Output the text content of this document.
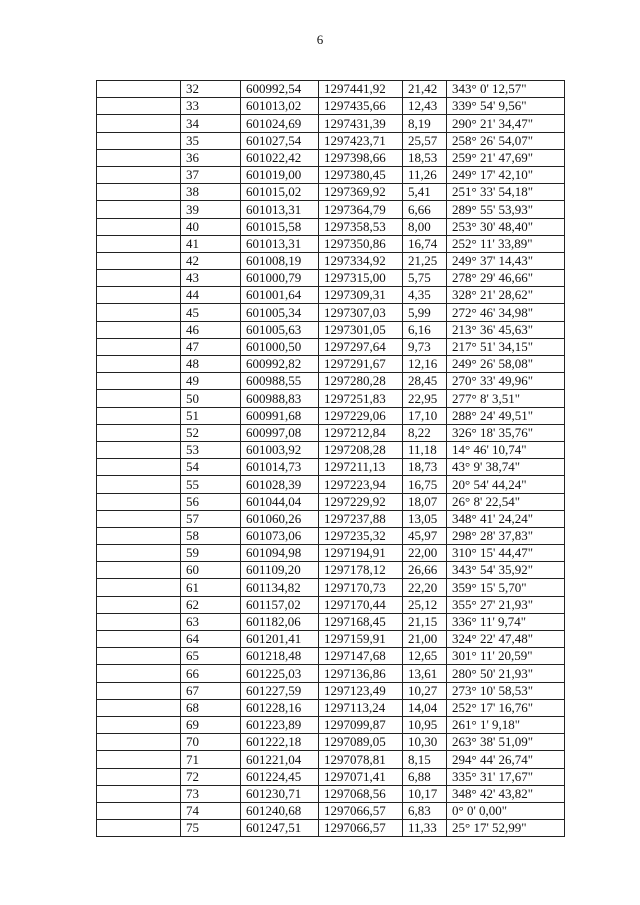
6
	32	600992,54	1297441,92	21,42	343° 0' 12,57"
	33	601013,02	1297435,66	12,43	339° 54' 9,56"
	34	601024,69	1297431,39	8,19	290° 21' 34,47"
	35	601027,54	1297423,71	25,57	258° 26' 54,07"
	36	601022,42	1297398,66	18,53	259° 21' 47,69"
	37	601019,00	1297380,45	11,26	249° 17' 42,10"
	38	601015,02	1297369,92	5,41	251° 33' 54,18"
	39	601013,31	1297364,79	6,66	289° 55' 53,93"
	40	601015,58	1297358,53	8,00	253° 30' 48,40"
	41	601013,31	1297350,86	16,74	252° 11' 33,89"
	42	601008,19	1297334,92	21,25	249° 37' 14,43"
	43	601000,79	1297315,00	5,75	278° 29' 46,66"
	44	601001,64	1297309,31	4,35	328° 21' 28,62"
	45	601005,34	1297307,03	5,99	272° 46' 34,98"
	46	601005,63	1297301,05	6,16	213° 36' 45,63"
	47	601000,50	1297297,64	9,73	217° 51' 34,15"
	48	600992,82	1297291,67	12,16	249° 26' 58,08"
	49	600988,55	1297280,28	28,45	270° 33' 49,96"
	50	600988,83	1297251,83	22,95	277° 8' 3,51"
	51	600991,68	1297229,06	17,10	288° 24' 49,51"
	52	600997,08	1297212,84	8,22	326° 18' 35,76"
	53	601003,92	1297208,28	11,18	14° 46' 10,74"
	54	601014,73	1297211,13	18,73	43° 9' 38,74"
	55	601028,39	1297223,94	16,75	20° 54' 44,24"
	56	601044,04	1297229,92	18,07	26° 8' 22,54"
	57	601060,26	1297237,88	13,05	348° 41' 24,24"
	58	601073,06	1297235,32	45,97	298° 28' 37,83"
	59	601094,98	1297194,91	22,00	310° 15' 44,47"
	60	601109,20	1297178,12	26,66	343° 54' 35,92"
	61	601134,82	1297170,73	22,20	359° 15' 5,70"
	62	601157,02	1297170,44	25,12	355° 27' 21,93"
	63	601182,06	1297168,45	21,15	336° 11' 9,74"
	64	601201,41	1297159,91	21,00	324° 22' 47,48"
	65	601218,48	1297147,68	12,65	301° 11' 20,59"
	66	601225,03	1297136,86	13,61	280° 50' 21,93"
	67	601227,59	1297123,49	10,27	273° 10' 58,53"
	68	601228,16	1297113,24	14,04	252° 17' 16,76"
	69	601223,89	1297099,87	10,95	261° 1' 9,18"
	70	601222,18	1297089,05	10,30	263° 38' 51,09"
	71	601221,04	1297078,81	8,15	294° 44' 26,74"
	72	601224,45	1297071,41	6,88	335° 31' 17,67"
	73	601230,71	1297068,56	10,17	348° 42' 43,82"
	74	601240,68	1297066,57	6,83	0° 0' 0,00"
	75	601247,51	1297066,57	11,33	25° 17' 52,99"
